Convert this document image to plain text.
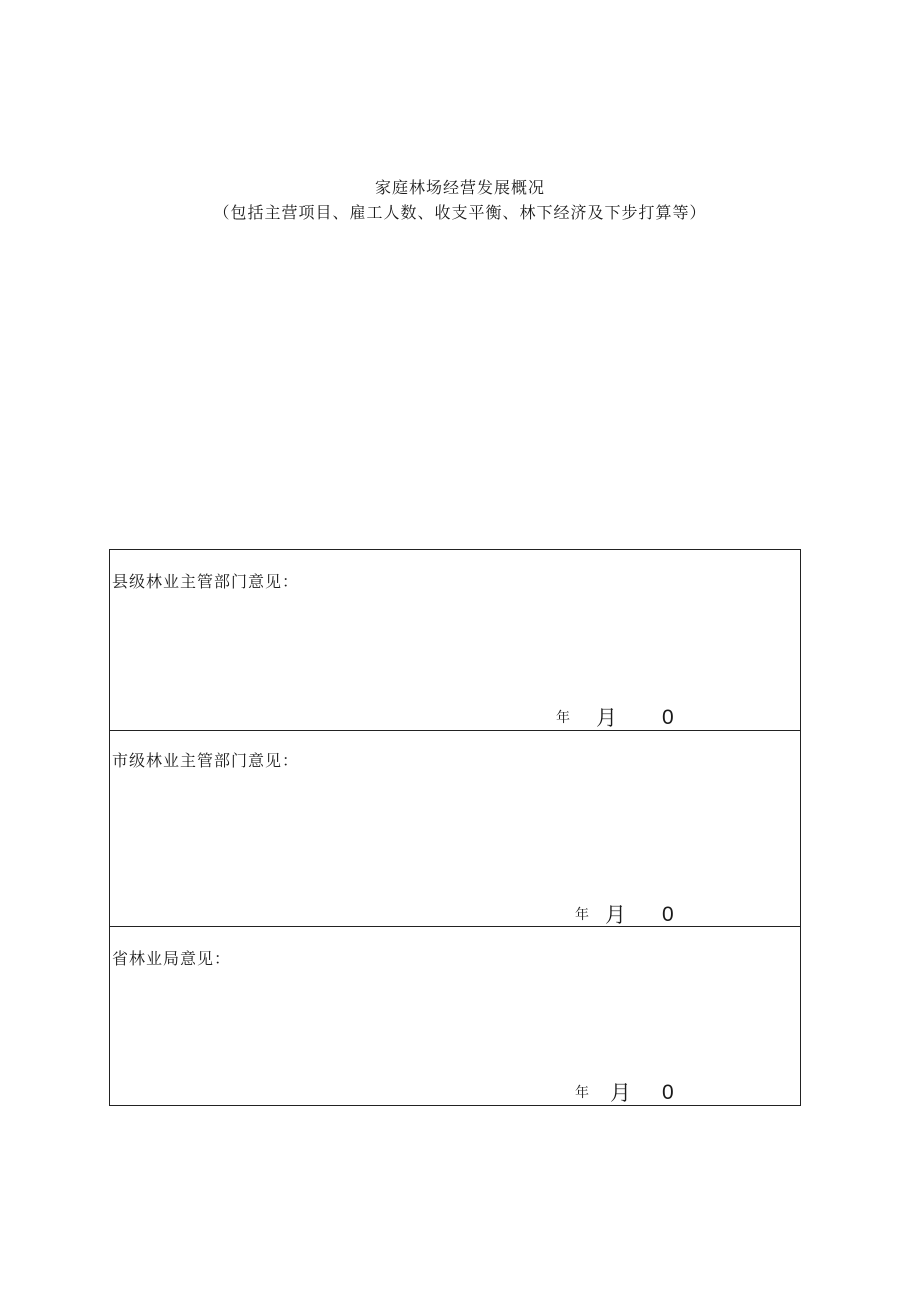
家庭林场经营发展概况
（包括主营项目、雇工人数、收支平衡、林下经济及下步打算等）
县级林业主管部门意见：
年 月 0
市级林业主管部门意见：
年 月 0
省林业局意见：
年 月 0
